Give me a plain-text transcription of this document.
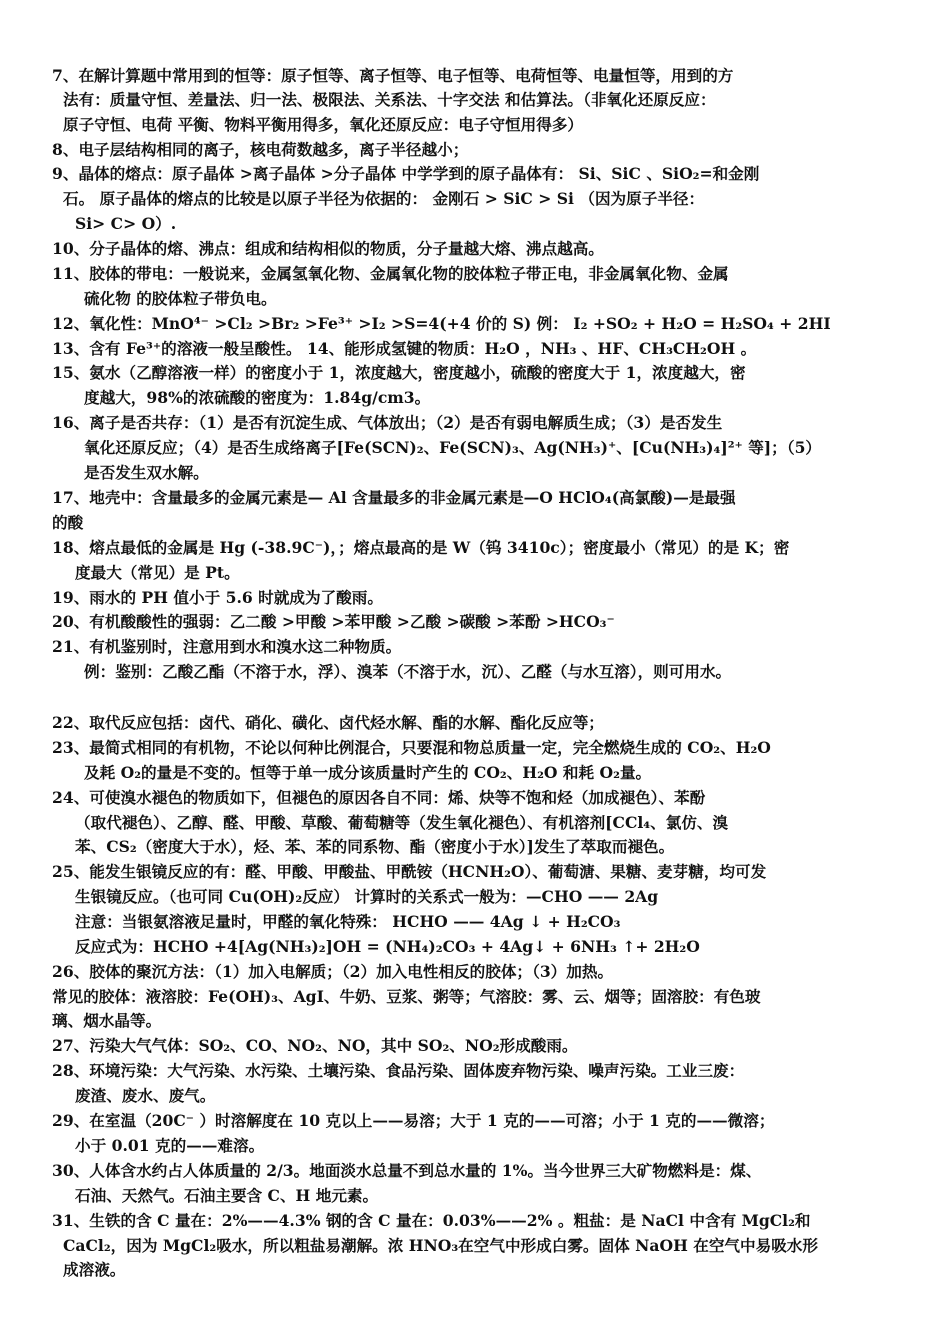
7、在解计算题中常用到的恒等：原子恒等、离子恒等、电子恒等、电荷恒等、电量恒等，用到的方
法有：质量守恒、差量法、归一法、极限法、关系法、十字交法 和估算法。（非氧化还原反应：
原子守恒、电荷 平衡、物料平衡用得多，氧化还原反应：电子守恒用得多）
8、电子层结构相同的离子，核电荷数越多，离子半径越小；
9、晶体的熔点：原子晶体 >离子晶体 >分子晶体 中学学到的原子晶体有： Si、SiC 、SiO₂=和金刚
石。 原子晶体的熔点的比较是以原子半径为依据的： 金刚石 > SiC > Si （因为原子半径：
Si> C> O）.
10、分子晶体的熔、沸点：组成和结构相似的物质，分子量越大熔、沸点越高。
11、胶体的带电：一般说来，金属氢氧化物、金属氧化物的胶体粒子带正电，非金属氧化物、金属
硫化物 的胶体粒子带负电。
12、氧化性：MnO⁴⁻ >Cl₂ >Br₂ >Fe³⁺ >I₂ >S=4(+4 价的 S) 例： I₂ +SO₂ + H₂O = H₂SO₄ + 2HI
13、含有 Fe³⁺的溶液一般呈酸性。 14、能形成氢键的物质：H₂O ，NH₃ 、HF、CH₃CH₂OH 。
15、氨水（乙醇溶液一样）的密度小于 1，浓度越大，密度越小，硫酸的密度大于 1，浓度越大，密
度越大，98%的浓硫酸的密度为：1.84g/cm3。
16、离子是否共存：（1）是否有沉淀生成、气体放出；（2）是否有弱电解质生成；（3）是否发生
氧化还原反应；（4）是否生成络离子[Fe(SCN)₂、Fe(SCN)₃、Ag(NH₃)⁺、[Cu(NH₃)₄]²⁺ 等]；（5）
是否发生双水解。
17、地壳中：含量最多的金属元素是— Al 含量最多的非金属元素是—O HClO₄(高氯酸)—是最强
的酸
18、熔点最低的金属是 Hg (-38.9C⁻)，；熔点最高的是 W（钨 3410c）；密度最小（常见）的是 K；密
度最大（常见）是 Pt。
19、雨水的 PH 值小于 5.6 时就成为了酸雨。
20、有机酸酸性的强弱：乙二酸 >甲酸 >苯甲酸 >乙酸 >碳酸 >苯酚 >HCO₃⁻
21、有机鉴别时，注意用到水和溴水这二种物质。
例：鉴别：乙酸乙酯（不溶于水，浮）、溴苯（不溶于水，沉）、乙醛（与水互溶），则可用水。
22、取代反应包括：卤代、硝化、磺化、卤代烃水解、酯的水解、酯化反应等；
23、最简式相同的有机物，不论以何种比例混合，只要混和物总质量一定，完全燃烧生成的 CO₂、H₂O
及耗 O₂的量是不变的。恒等于单一成分该质量时产生的 CO₂、H₂O 和耗 O₂量。
24、可使溴水褪色的物质如下，但褪色的原因各自不同：烯、炔等不饱和烃（加成褪色）、苯酚
（取代褪色）、乙醇、醛、甲酸、草酸、葡萄糖等（发生氧化褪色）、有机溶剂[CCl₄、氯仿、溴
苯、CS₂（密度大于水），烃、苯、苯的同系物、酯（密度小于水）]发生了萃取而褪色。
25、能发生银镜反应的有：醛、甲酸、甲酸盐、甲酰铵（HCNH₂O）、葡萄溏、果糖、麦芽糖，均可发
生银镜反应。（也可同 Cu(OH)₂反应） 计算时的关系式一般为：—CHO —— 2Ag
注意：当银氨溶液足量时，甲醛的氧化特殊： HCHO —— 4Ag ↓ + H₂CO₃
反应式为：HCHO +4[Ag(NH₃)₂]OH = (NH₄)₂CO₃ + 4Ag↓ + 6NH₃ ↑+ 2H₂O
26、胶体的聚沉方法：（1）加入电解质；（2）加入电性相反的胶体；（3）加热。
常见的胶体：液溶胶：Fe(OH)₃、AgI、牛奶、豆浆、粥等；气溶胶：雾、云、烟等；固溶胶：有色玻
璃、烟水晶等。
27、污染大气气体：SO₂、CO、NO₂、NO，其中 SO₂、NO₂形成酸雨。
28、环境污染：大气污染、水污染、土壤污染、食品污染、固体废弃物污染、噪声污染。工业三废：
废渣、废水、废气。
29、在室温（20C⁻ ）时溶解度在 10 克以上——易溶；大于 1 克的——可溶；小于 1 克的——微溶；
小于 0.01 克的——难溶。
30、人体含水约占人体质量的 2/3。地面淡水总量不到总水量的 1%。当今世界三大矿物燃料是：煤、
石油、天然气。石油主要含 C、H 地元素。
31、生铁的含 C 量在：2%——4.3% 钢的含 C 量在：0.03%——2% 。粗盐：是 NaCl 中含有 MgCl₂和
CaCl₂，因为 MgCl₂吸水，所以粗盐易潮解。浓 HNO₃在空气中形成白雾。固体 NaOH 在空气中易吸水形
成溶液。
